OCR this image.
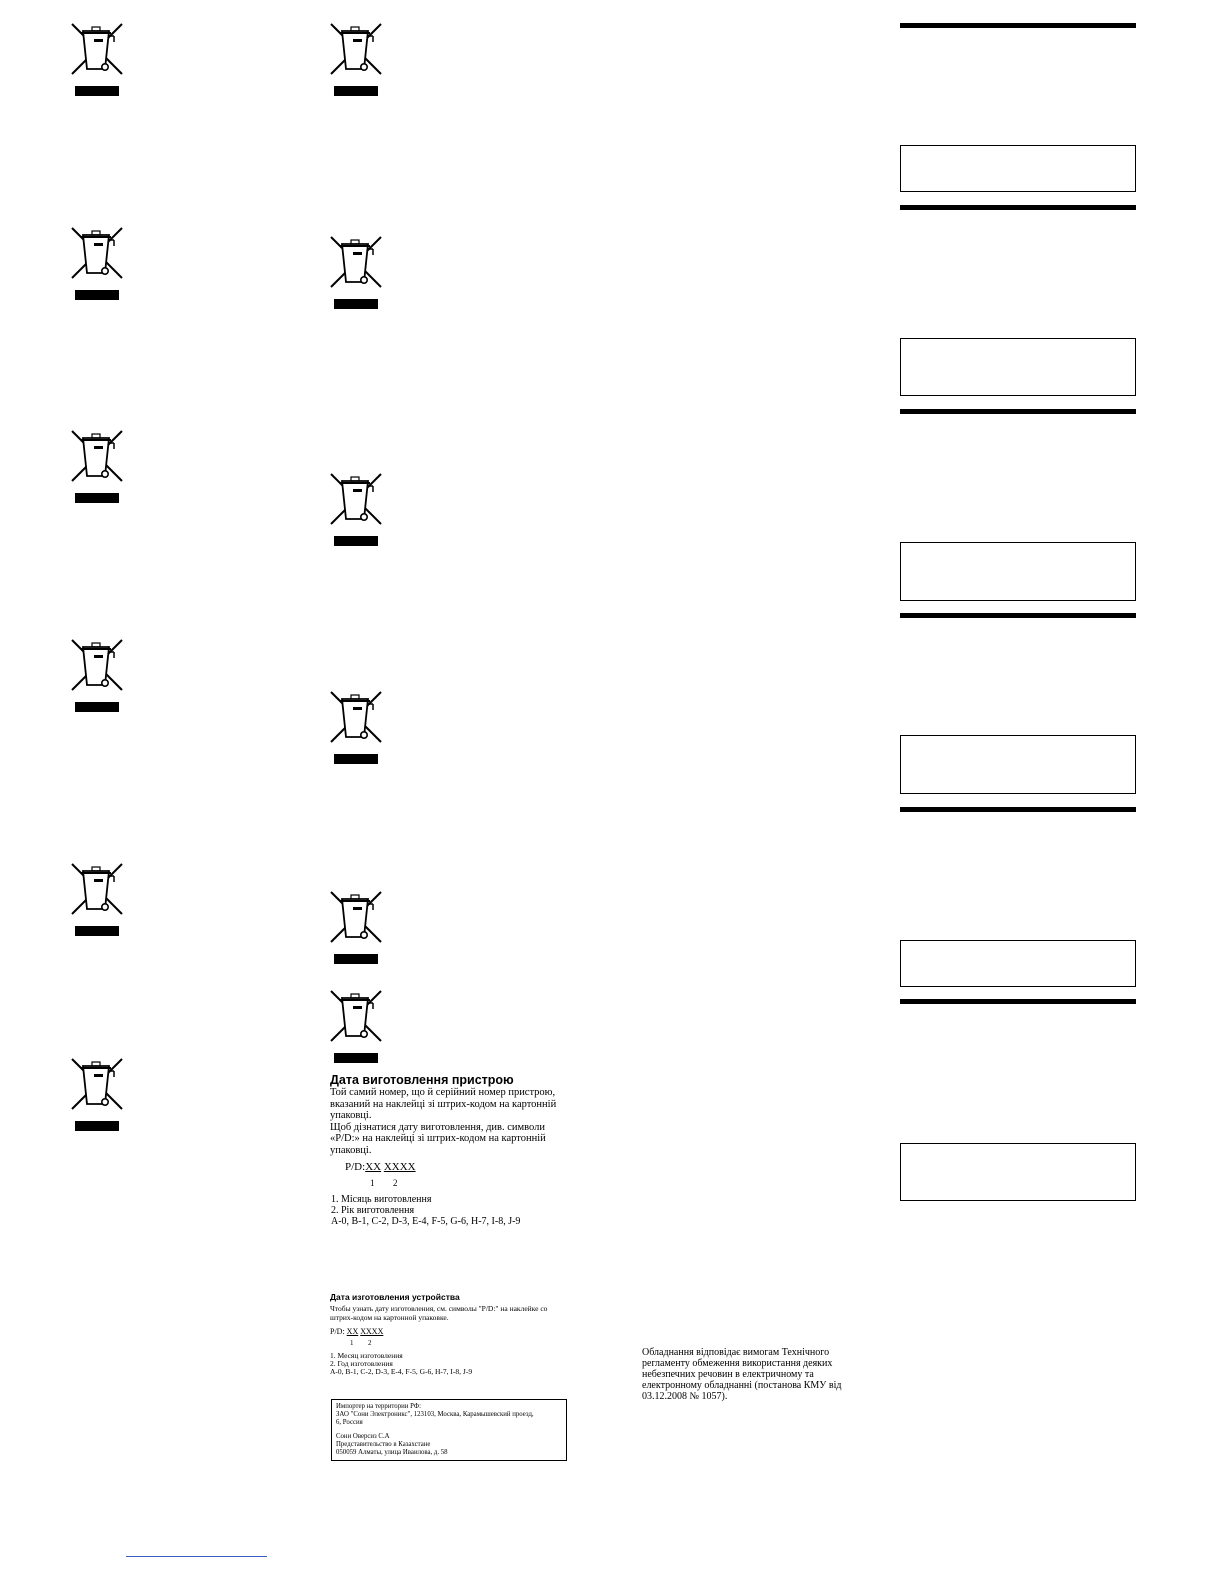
Дата виготовлення пристрою
Той самий номер, що й серійний номер пристрою, вказаний на наклейці зі штрих-кодом на картонній упаковці.
Щоб дізнатися дату виготовлення, див. символи «P/D:» на наклейці зі штрих-кодом на картонній упаковці.
P/D:XX XXXX
1 2
1. Місяць виготовлення
2. Рік виготовлення
A-0, B-1, C-2, D-3, E-4, F-5, G-6, H-7, I-8, J-9
Дата изготовления устройства
Чтобы узнать дату изготовления, см. символы "P/D:" на наклейке со штрих-кодом на картонной упаковке.
P/D: XX XXXX
1 2
1. Месяц изготовления
2. Год изготовления
A-0, B-1, C-2, D-3, E-4, F-5, G-6, H-7, I-8, J-9
Импортер на территории РФ:
ЗАО "Сони Электроникс", 123103, Москва, Карамышевский проезд,
6, Россия
Сони Оверсиз С.А
Представительство в Казахстане
050059 Алматы, улица Иваилова, д. 58
Обладнання відповідає вимогам Технічного регламенту обмеження використання деяких небезпечних речовин в електричному та електронному обладнанні (постанова КМУ від 03.12.2008 № 1057).
